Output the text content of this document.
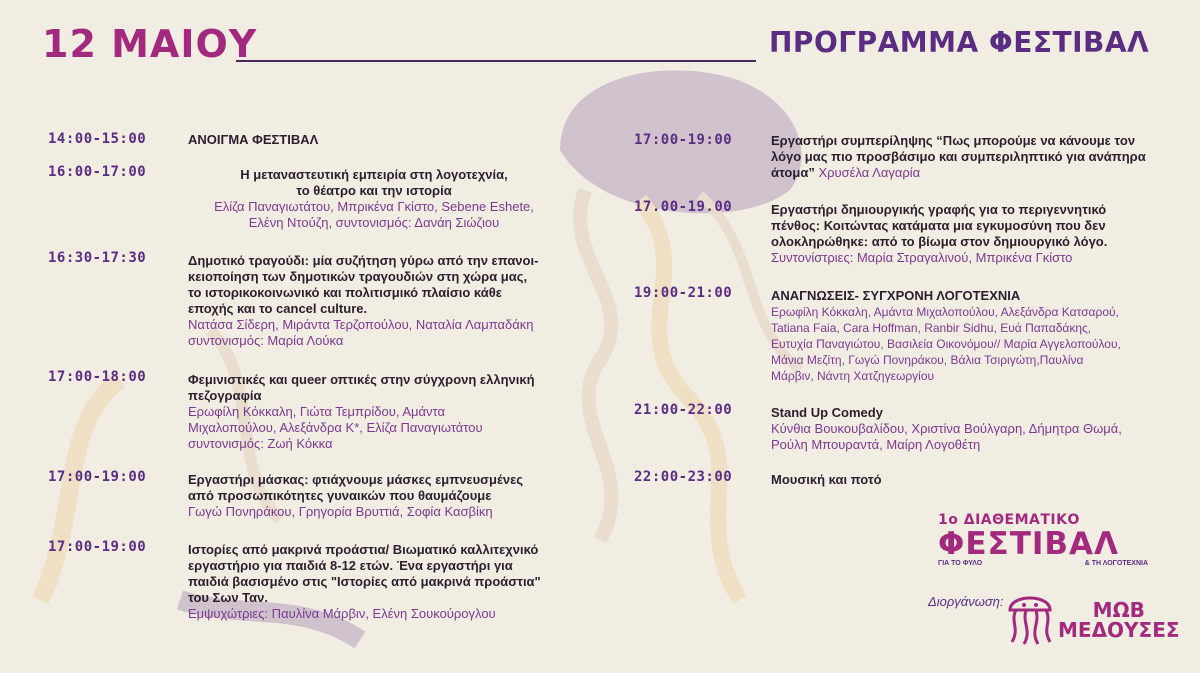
12 ΜΑΙΟΥ	ΠΡΟΓΡΑΜΜΑ ΦΕΣΤΙΒΑΛ
14:00-15:00	ΑΝΟΙΓΜΑ ΦΕΣΤΙΒΑΛ
16:00-17:00	Η μεταναστευτική εμπειρία στη λογοτεχνία,
το θέατρο και την ιστορία
Ελίζα Παναγιωτάτου, Μπρικένα Γκίστο, Sebene Eshete,
Ελένη Ντούζη, συντονισμός: Δανάη Σιώζιου
16:30-17:30	Δημοτικό τραγούδι: μία συζήτηση γύρω από την επανοι-
κειοποίηση των δημοτικών τραγουδιών στη χώρα μας,
το ιστορικοκοινωνικό και πολιτισμικό πλαίσιο κάθε
εποχής και το cancel culture.
Νατάσα Σίδερη, Μιράντα Τερζοπούλου, Ναταλία Λαμπαδάκη
συντονισμός: Μαρία Λούκα
17:00-18:00	Φεμινιστικές και queer οπτικές στην σύγχρονη ελληνική
πεζογραφία
Ερωφίλη Κόκκαλη, Γιώτα Τεμπρίδου, Αμάντα
Μιχαλοπούλου, Αλεξάνδρα Κ*, Ελίζα Παναγιωτάτου
συντονισμός: Ζωή Κόκκα
17:00-19:00	Εργαστήρι μάσκας: φτιάχνουμε μάσκες εμπνευσμένες
από προσωπικότητες γυναικών που θαυμάζουμε
Γωγώ Πονηράκου, Γρηγορία Βρυττιά, Σοφία Κασβίκη
17:00-19:00	Ιστορίες από μακρινά προάστια/ Βιωματικό καλλιτεχνικό
εργαστήριο για παιδιά 8-12 ετών. Ένα εργαστήρι για
παιδιά βασισμένο στις "Ιστορίες από μακρινά προάστια"
του Σων Ταν.
Εμψυχώτριες: Παυλίνα Μάρβιν, Ελένη Σουκούρογλου
17:00-19:00	Εργαστήρι συμπερίληψης “Πως μπορούμε να κάνουμε τον
λόγο μας πιο προσβάσιμο και συμπεριληπτικό για ανάπηρα
άτομα” Χρυσέλα Λαγαρία
17.00-19.00	Εργαστήρι δημιουργικής γραφής για το περιγεννητικό
πένθος: Κοιτώντας κατάματα μια εγκυμοσύνη που δεν
ολοκληρώθηκε: από το βίωμα στον δημιουργικό λόγο.
Συντονίστριες: Μαρία Στραγαλινού, Μπρικένα Γκίστο
19:00-21:00	ΑΝΑΓΝΩΣΕΙΣ- ΣΥΓΧΡΟΝΗ ΛΟΓΟΤΕΧΝΙΑ
Ερωφίλη Κόκκαλη, Αμάντα Μιχαλοπούλου, Αλεξάνδρα Κατσαρού,
Tatiana Faia, Cara Hoffman, Ranbir Sidhu, Ευά Παπαδάκης,
Ευτυχία Παναγιώτου, Βασιλεία Οικονόμου// Μαρία Αγγελοπούλου,
Μάνια Μεζίτη, Γωγώ Πονηράκου, Βάλια Τσιριγώτη,Παυλίνα
Μάρβιν, Νάντη Χατζηγεωργίου
21:00-22:00	Stand Up Comedy
Κύνθια Βουκουβαλίδου, Χριστίνα Βούλγαρη, Δήμητρα Θωμά,
Ρούλη Μπουραντά, Μαίρη Λογοθέτη
22:00-23:00	Μουσική και ποτό
1ο ΔΙΑΘΕΜΑΤΙΚΟ
ΦΕΣΤΙΒΑΛ
ΓΙΑ ΤΟ ΦΥΛΟ	& ΤΗ ΛΟΓΟΤΕΧΝΙΑ
Διοργάνωση:	ΜΩΒ
ΜΕΔΟΥΣΕΣ
